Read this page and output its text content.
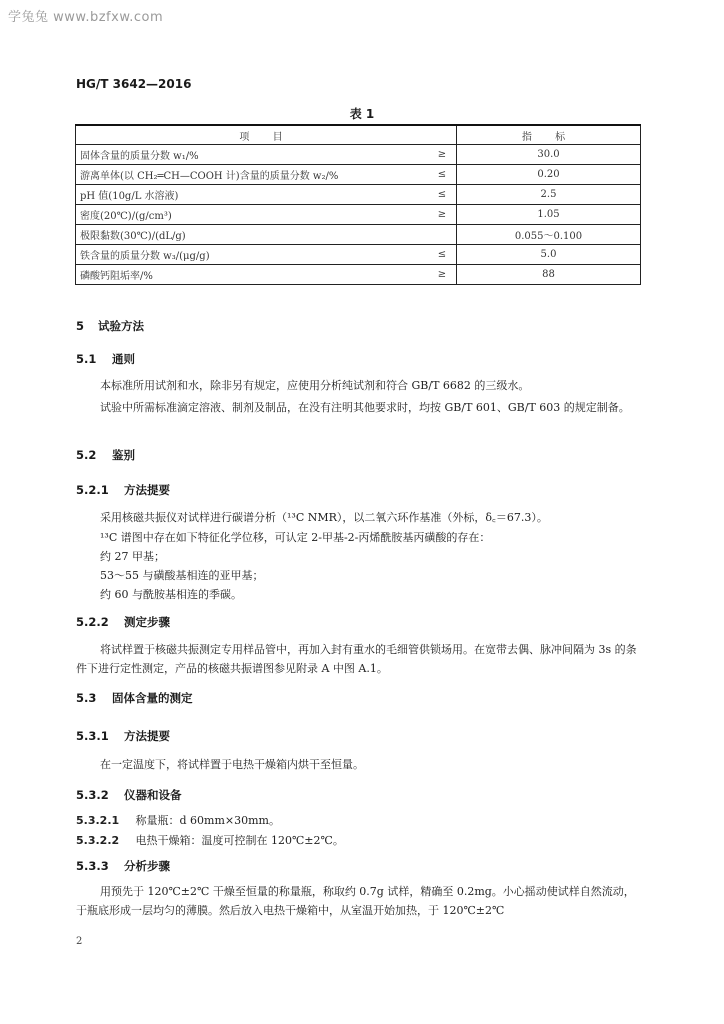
学兔兔 www.bzfxw.com
HG/T 3642—2016
表 1
项 目		指 标
固体含量的质量分数 w₁/%	≥	30.0
游离单体(以 CH₂═CH—COOH 计)含量的质量分数 w₂/%	≤	0.20
pH 值(10g/L 水溶液)	≤	2.5
密度(20℃)/(g/cm³)	≥	1.05
极限黏数(30℃)/(dL/g)		0.055～0.100
铁含量的质量分数 w₃/(μg/g)	≤	5.0
磷酸钙阻垢率/%	≥	88
5 试验方法
5.1 通则
本标准所用试剂和水，除非另有规定，应使用分析纯试剂和符合 GB/T 6682 的三级水。
试验中所需标准滴定溶液、制剂及制品，在没有注明其他要求时，均按 GB/T 601、GB/T 603 的规定制备。
5.2 鉴别
5.2.1 方法提要
采用核磁共振仪对试样进行碳谱分析（¹³C NMR），以二氧六环作基准（外标，δ꜀＝67.3）。
¹³C 谱图中存在如下特征化学位移，可认定 2-甲基-2-丙烯酰胺基丙磺酸的存在：
约 27 甲基；
53～55 与磺酸基相连的亚甲基；
约 60 与酰胺基相连的季碳。
5.2.2 测定步骤
将试样置于核磁共振测定专用样品管中，再加入封有重水的毛细管供锁场用。在宽带去偶、脉冲间隔为 3s 的条件下进行定性测定，产品的核磁共振谱图参见附录 A 中图 A.1。
5.3 固体含量的测定
5.3.1 方法提要
在一定温度下，将试样置于电热干燥箱内烘干至恒量。
5.3.2 仪器和设备
5.3.2.1 称量瓶：d 60mm×30mm。
5.3.2.2 电热干燥箱：温度可控制在 120℃±2℃。
5.3.3 分析步骤
用预先于 120℃±2℃ 干燥至恒量的称量瓶，称取约 0.7g 试样，精确至 0.2mg。小心摇动使试样自然流动，于瓶底形成一层均匀的薄膜。然后放入电热干燥箱中，从室温开始加热，于 120℃±2℃
2
